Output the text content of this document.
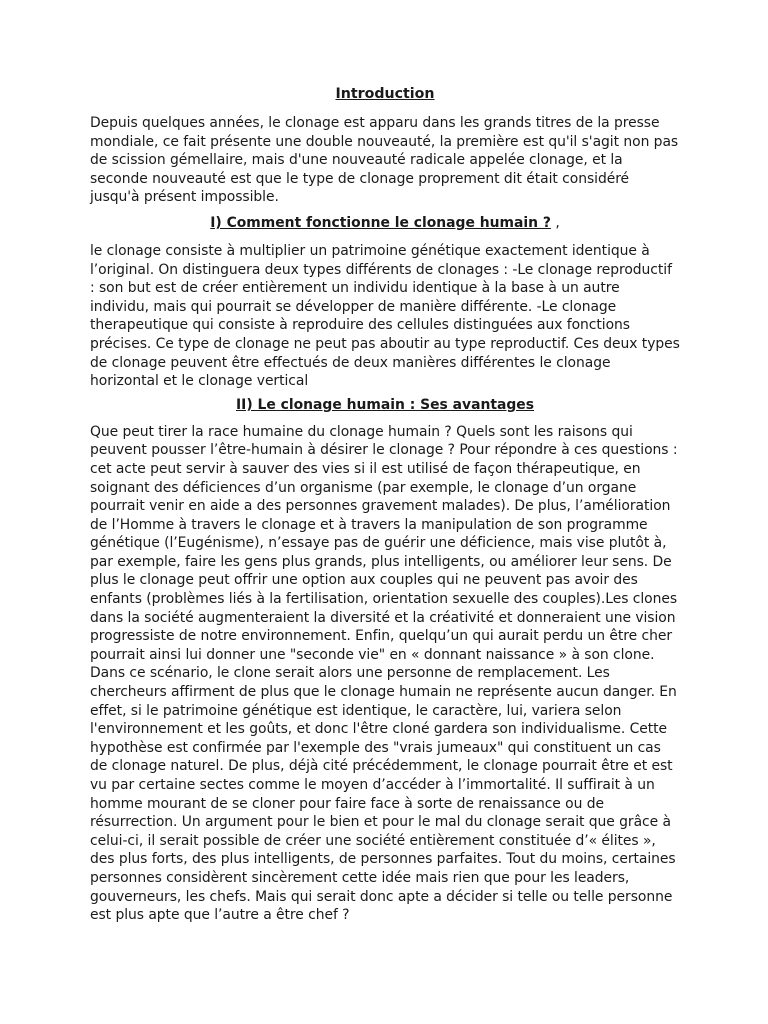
Introduction

Depuis quelques années, le clonage est apparu dans les grands titres de la presse mondiale, ce fait présente une double nouveauté, la première est qu'il s'agit non pas de scission gémellaire, mais d'une nouveauté radicale appelée clonage, et la seconde nouveauté est que le type de clonage proprement dit était considéré jusqu'à présent impossible.

I) Comment fonctionne le clonage humain ? ,

le clonage consiste à multiplier un patrimoine génétique exactement identique à l’original. On distinguera deux types différents de clonages : -Le clonage reproductif : son but est de créer entièrement un individu identique à la base à un autre individu, mais qui pourrait se développer de manière différente. -Le clonage therapeutique qui consiste à reproduire des cellules distinguées aux fonctions précises. Ce type de clonage ne peut pas aboutir au type reproductif. Ces deux types de clonage peuvent être effectués de deux manières différentes le clonage horizontal et le clonage vertical

II) Le clonage humain : Ses avantages

Que peut tirer la race humaine du clonage humain ? Quels sont les raisons qui peuvent pousser l’être-humain à désirer le clonage ? Pour répondre à ces questions : cet acte peut servir à sauver des vies si il est utilisé de façon thérapeutique, en soignant des déficiences d’un organisme (par exemple, le clonage d’un organe pourrait venir en aide a des personnes gravement malades). De plus, l’amélioration de l’Homme à travers le clonage et à travers la manipulation de son programme génétique (l’Eugénisme), n’essaye pas de guérir une déficience, mais vise plutôt à, par exemple, faire les gens plus grands, plus intelligents, ou améliorer leur sens. De plus le clonage peut offrir une option aux couples qui ne peuvent pas avoir des enfants (problèmes liés à la fertilisation, orientation sexuelle des couples).Les clones dans la société augmenteraient la diversité et la créativité et donneraient une vision progressiste de notre environnement. Enfin, quelqu’un qui aurait perdu un être cher pourrait ainsi lui donner une "seconde vie" en « donnant naissance » à son clone. Dans ce scénario, le clone serait alors une personne de remplacement. Les chercheurs affirment de plus que le clonage humain ne représente aucun danger. En effet, si le patrimoine génétique est identique, le caractère, lui, variera selon l'environnement et les goûts, et donc l'être cloné gardera son individualisme. Cette hypothèse est confirmée par l'exemple des "vrais jumeaux" qui constituent un cas de clonage naturel. De plus, déjà cité précédemment, le clonage pourrait être et est vu par certaine sectes comme le moyen d’accéder à l’immortalité. Il suffirait à un homme mourant de se cloner pour faire face à sorte de renaissance ou de résurrection. Un argument pour le bien et pour le mal du clonage serait que grâce à celui-ci, il serait possible de créer une société entièrement constituée d’« élites », des plus forts, des plus intelligents, de personnes parfaites. Tout du moins, certaines personnes considèrent sincèrement cette idée mais rien que pour les leaders, gouverneurs, les chefs. Mais qui serait donc apte a décider si telle ou telle personne est plus apte que l’autre a être chef ?
